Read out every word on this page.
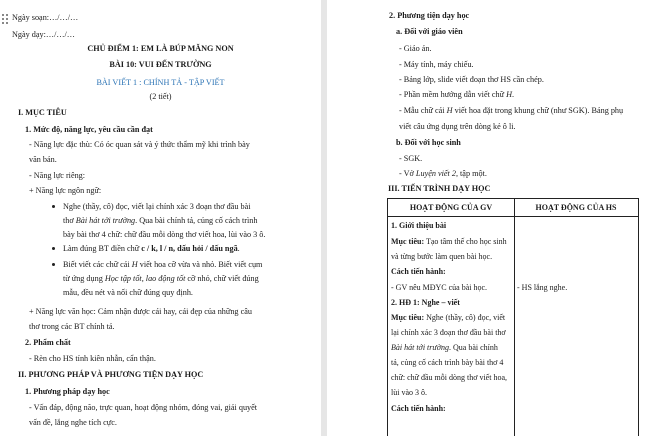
Ngày soạn:…/…/…
Ngày dạy:…/…/…
CHỦ ĐIỂM 1: EM LÀ BÚP MĂNG NON
BÀI 10: VUI ĐẾN TRƯỜNG
BÀI VIẾT 1 : CHÍNH TẢ - TẬP VIẾT
(2 tiết)
I. MỤC TIÊU
1. Mức độ, năng lực, yêu cầu cần đạt
- Năng lực đặc thù: Có óc quan sát và ý thức thẩm mỹ khi trình bày
văn bản.
- Năng lực riêng:
+ Năng lực ngôn ngữ:
Nghe (thầy, cô) đọc, viết lại chính xác 3 đoạn thơ đầu bài
thơ Bài hát tới trường. Qua bài chính tả, củng cố cách trình
bày bài thơ 4 chữ: chữ đầu mỗi dòng thơ viết hoa, lùi vào 3 ô.
Làm đúng BT điền chữ c / k, l / n, dấu hỏi / dấu ngã.
Biết viết các chữ cái H viết hoa cỡ vừa và nhỏ. Biết viết cụm
từ ứng dụng Học tập tốt, lao động tốt cỡ nhỏ, chữ viết đúng
mẫu, đều nét và nối chữ đúng quy định.
+ Năng lực văn học: Cảm nhận được cái hay, cái đẹp của những câu
thơ trong các BT chính tả.
2. Phẩm chất
- Rèn cho HS tính kiên nhẫn, cẩn thận.
II. PHƯƠNG PHÁP VÀ PHƯƠNG TIỆN DẠY HỌC
1. Phương pháp dạy học
- Vấn đáp, động não, trực quan, hoạt động nhóm, đóng vai, giải quyết
vấn đề, lắng nghe tích cực.
2. Phương tiện dạy học
a. Đối với giáo viên
- Giáo án.
- Máy tính, máy chiếu.
- Bảng lớp, slide viết đoạn thơ HS cần chép.
- Phần mềm hướng dẫn viết chữ H.
- Mẫu chữ cái H viết hoa đặt trong khung chữ (như SGK). Bảng phụ
viết câu ứng dụng trên dòng kẻ ô li.
b. Đối với học sinh
- SGK.
- Vở Luyện viết 2, tập một.
III. TIẾN TRÌNH DẠY HỌC
HOẠT ĐỘNG CỦA GV	HOẠT ĐỘNG CỦA HS
1. Giới thiệu bài
Mục tiêu: Tạo tâm thế cho học sinh
và từng bước làm quen bài học.
Cách tiến hành:
- GV nêu MĐYC của bài học.	- HS lắng nghe.
2. HĐ 1: Nghe – viết
Mục tiêu: Nghe (thầy, cô) đọc, viết
lại chính xác 3 đoạn thơ đầu bài thơ
Bài hát tới trường. Qua bài chính
tả, củng cố cách trình bày bài thơ 4
chữ: chữ đầu mỗi dòng thơ viết hoa,
lùi vào 3 ô.
Cách tiến hành:
